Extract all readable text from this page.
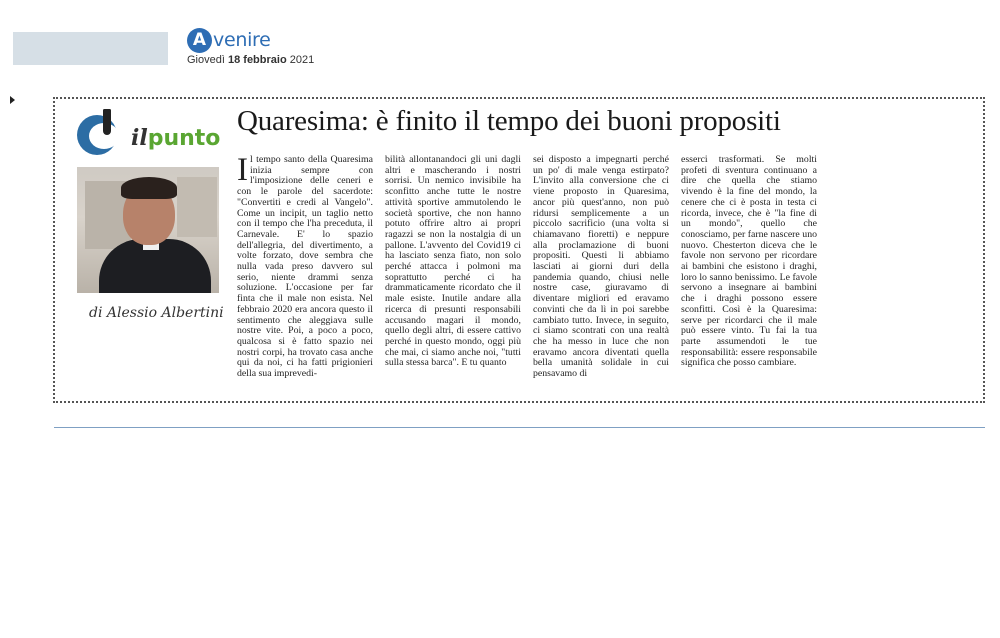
A venire
Giovedì 18 febbraio 2021
ilpunto
di Alessio Albertini
Quaresima: è finito il tempo dei buoni propositi
Il tempo santo della Quaresima inizia sempre con l'imposizione delle ceneri e con le parole del sacerdote: "Convertiti e credi al Vangelo". Come un incipit, un taglio netto con il tempo che l'ha preceduta, il Carnevale. E' lo spazio dell'allegria, del divertimento, a volte forzato, dove sembra che nulla vada preso davvero sul serio, niente drammi senza soluzione. L'occasione per far finta che il male non esista. Nel febbraio 2020 era ancora questo il sentimento che aleggiava sulle nostre vite. Poi, a poco a poco, qualcosa si è fatto spazio nei nostri corpi, ha trovato casa anche qui da noi, ci ha fatti prigionieri della sua imprevedi-
bilità allontanandoci gli uni dagli altri e mascherando i nostri sorrisi. Un nemico invisibile ha sconfitto anche tutte le nostre attività sportive ammutolendo le società sportive, che non hanno potuto offrire altro ai propri ragazzi se non la nostalgia di un pallone. L'avvento del Covid19 ci ha lasciato senza fiato, non solo perché attacca i polmoni ma soprattutto perché ci ha drammaticamente ricordato che il male esiste. Inutile andare alla ricerca di presunti responsabili accusando magari il mondo, quello degli altri, di essere cattivo perché in questo mondo, oggi più che mai, ci siamo anche noi, "tutti sulla stessa barca". E tu quanto
sei disposto a impegnarti perché un po' di male venga estirpato? L'invito alla conversione che ci viene proposto in Quaresima, ancor più quest'anno, non può ridursi semplicemente a un piccolo sacrificio (una volta si chiamavano fioretti) e neppure alla proclamazione di buoni propositi. Questi li abbiamo lasciati ai giorni duri della pandemia quando, chiusi nelle nostre case, giuravamo di diventare migliori ed eravamo convinti che da lì in poi sarebbe cambiato tutto. Invece, in seguito, ci siamo scontrati con una realtà che ha messo in luce che non eravamo ancora diventati quella bella umanità solidale in cui pensavamo di
esserci trasformati. Se molti profeti di sventura continuano a dire che quella che stiamo vivendo è la fine del mondo, la cenere che ci è posta in testa ci ricorda, invece, che è "la fine di un mondo", quello che conosciamo, per farne nascere uno nuovo. Chesterton diceva che le favole non servono per ricordare ai bambini che esistono i draghi, loro lo sanno benissimo. Le favole servono a insegnare ai bambini che i draghi possono essere sconfitti. Così è la Quaresima: serve per ricordarci che il male può essere vinto. Tu fai la tua parte assumendoti le tue responsabilità: essere responsabile significa che posso cambiare.
